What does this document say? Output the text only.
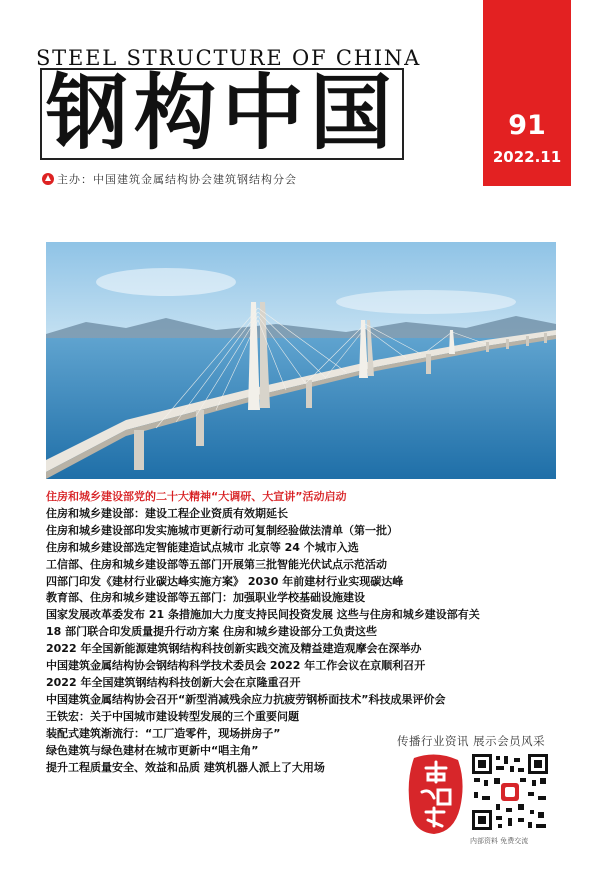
STEEL STRUCTURE OF CHINA
钢构中国	91
2022.11
主办：中国建筑金属结构协会建筑钢结构分会
住房和城乡建设部党的二十大精神“大调研、大宣讲”活动启动
住房和城乡建设部：建设工程企业资质有效期延长
住房和城乡建设部印发实施城市更新行动可复制经验做法清单（第一批）
住房和城乡建设部选定智能建造试点城市 北京等 24 个城市入选
工信部、住房和城乡建设部等五部门开展第三批智能光伏试点示范活动
四部门印发《建材行业碳达峰实施方案》 2030 年前建材行业实现碳达峰
教育部、住房和城乡建设部等五部门：加强职业学校基础设施建设
国家发展改革委发布 21 条措施加大力度支持民间投资发展 这些与住房和城乡建设部有关
18 部门联合印发质量提升行动方案 住房和城乡建设部分工负责这些
2022 年全国新能源建筑钢结构科技创新实践交流及精益建造观摩会在深举办
中国建筑金属结构协会钢结构科学技术委员会 2022 年工作会议在京顺利召开
2022 年全国建筑钢结构科技创新大会在京隆重召开
中国建筑金属结构协会召开“新型消减残余应力抗疲劳钢桥面技术”科技成果评价会
王铁宏：关于中国城市建设转型发展的三个重要问题
装配式建筑渐流行：“工厂造零件，现场拼房子”
绿色建筑与绿色建材在城市更新中“唱主角”
提升工程质量安全、效益和品质 建筑机器人派上了大用场
传播行业资讯 展示会员风采
内部资料 免费交流
